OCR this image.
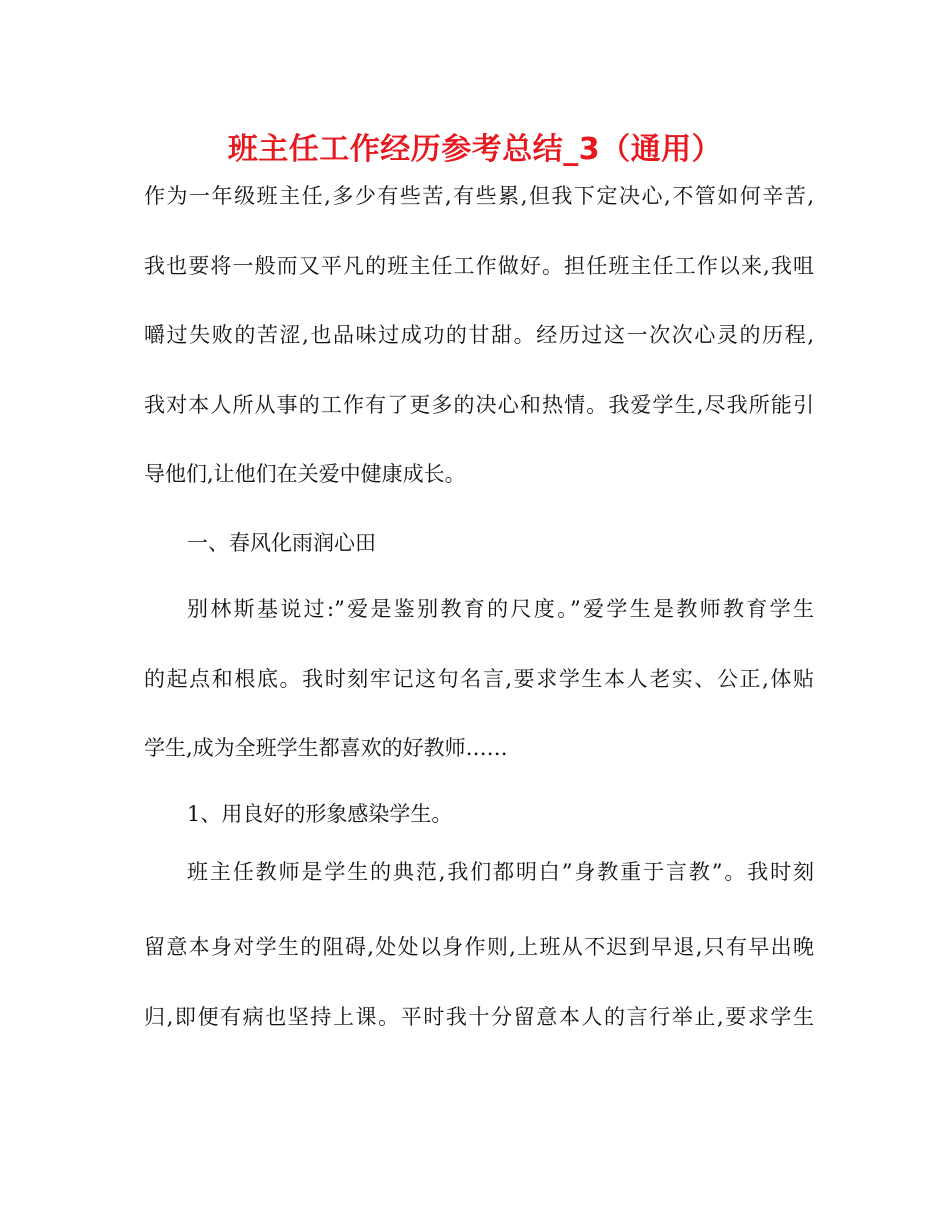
班主任工作经历参考总结_3（通用）
作为一年级班主任,多少有些苦,有些累,但我下定决心,不管如何辛苦,
我也要将一般而又平凡的班主任工作做好。担任班主任工作以来,我咀
嚼过失败的苦涩,也品味过成功的甘甜。经历过这一次次心灵的历程,
我对本人所从事的工作有了更多的决心和热情。我爱学生,尽我所能引
导他们,让他们在关爱中健康成长。
一、春风化雨润心田
别林斯基说过:”爱是鉴别教育的尺度。”爱学生是教师教育学生
的起点和根底。我时刻牢记这句名言,要求学生本人老实、公正,体贴
学生,成为全班学生都喜欢的好教师……
1、用良好的形象感染学生。
班主任教师是学生的典范,我们都明白”身教重于言教”。我时刻
留意本身对学生的阻碍,处处以身作则,上班从不迟到早退,只有早出晚
归,即便有病也坚持上课。平时我十分留意本人的言行举止,要求学生
